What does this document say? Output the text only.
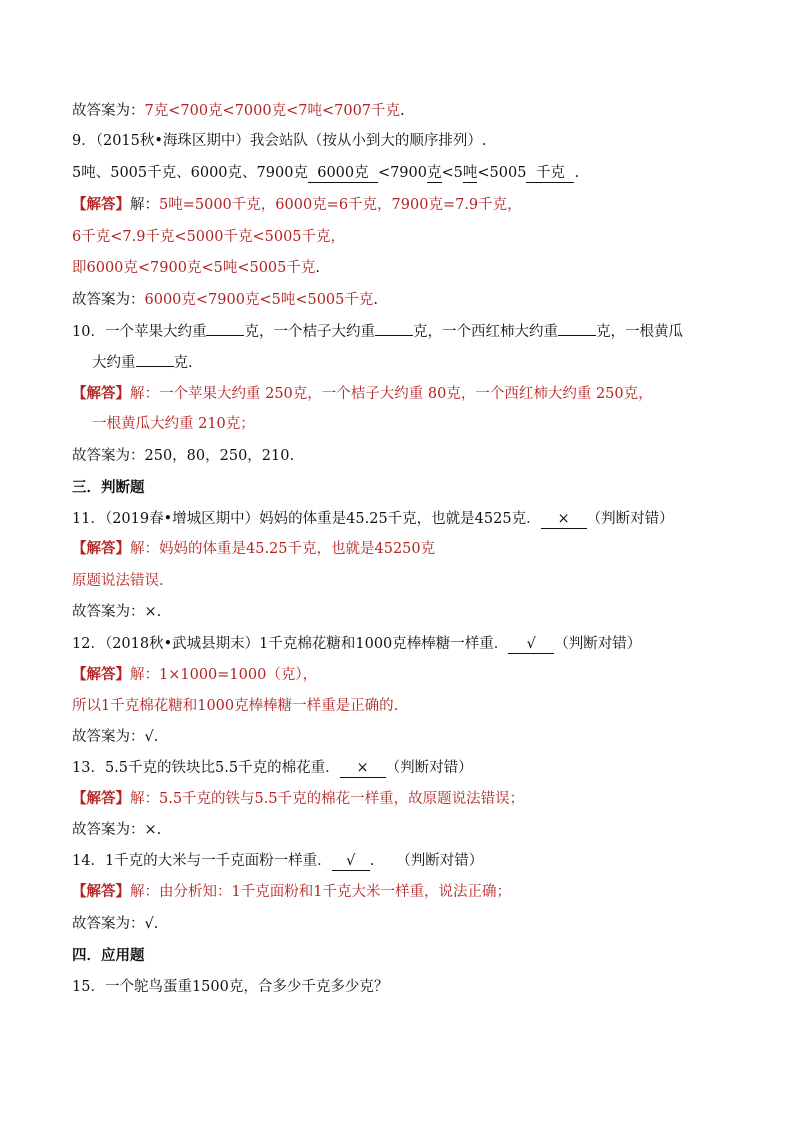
故答案为：7克<700克<7000克<7吨<7007千克.
9．（2015秋•海珠区期中）我会站队（按从小到大的顺序排列）.
5吨、5005千克、6000克、7900克 6000克 <7900克<5吨<5005 千克 .
【解答】解：5吨=5000千克，6000克=6千克，7900克=7.9千克，
6千克<7.9千克<5000千克<5005千克，
即6000克<7900克<5吨<5005千克.
故答案为：6000克<7900克<5吨<5005千克.
10．一个苹果大约重	克，一个桔子大约重	克，一个西红柿大约重	克，一根黄瓜
大约重	克.
【解答】解：一个苹果大约重 250克，一个桔子大约重 80克，一个西红柿大约重 250克，
一根黄瓜大约重 210克；
故答案为：250，80，250，210.
三．判断题
11．（2019春•增城区期中）妈妈的体重是45.25千克，也就是4525克． × （判断对错）
【解答】解：妈妈的体重是45.25千克，也就是45250克
原题说法错误.
故答案为：×.
12．（2018秋•武城县期末）1千克棉花糖和1000克棒棒糖一样重． √ （判断对错）
【解答】解：1×1000=1000（克），
所以1千克棉花糖和1000克棒棒糖一样重是正确的.
故答案为：√.
13．5.5千克的铁块比5.5千克的棉花重． × （判断对错）
【解答】解：5.5千克的铁与5.5千克的棉花一样重，故原题说法错误；
故答案为：×.
14．1千克的大米与一千克面粉一样重． √ . （判断对错）
【解答】解：由分析知：1千克面粉和1千克大米一样重，说法正确；
故答案为：√.
四．应用题
15．一个鸵鸟蛋重1500克，合多少千克多少克？
